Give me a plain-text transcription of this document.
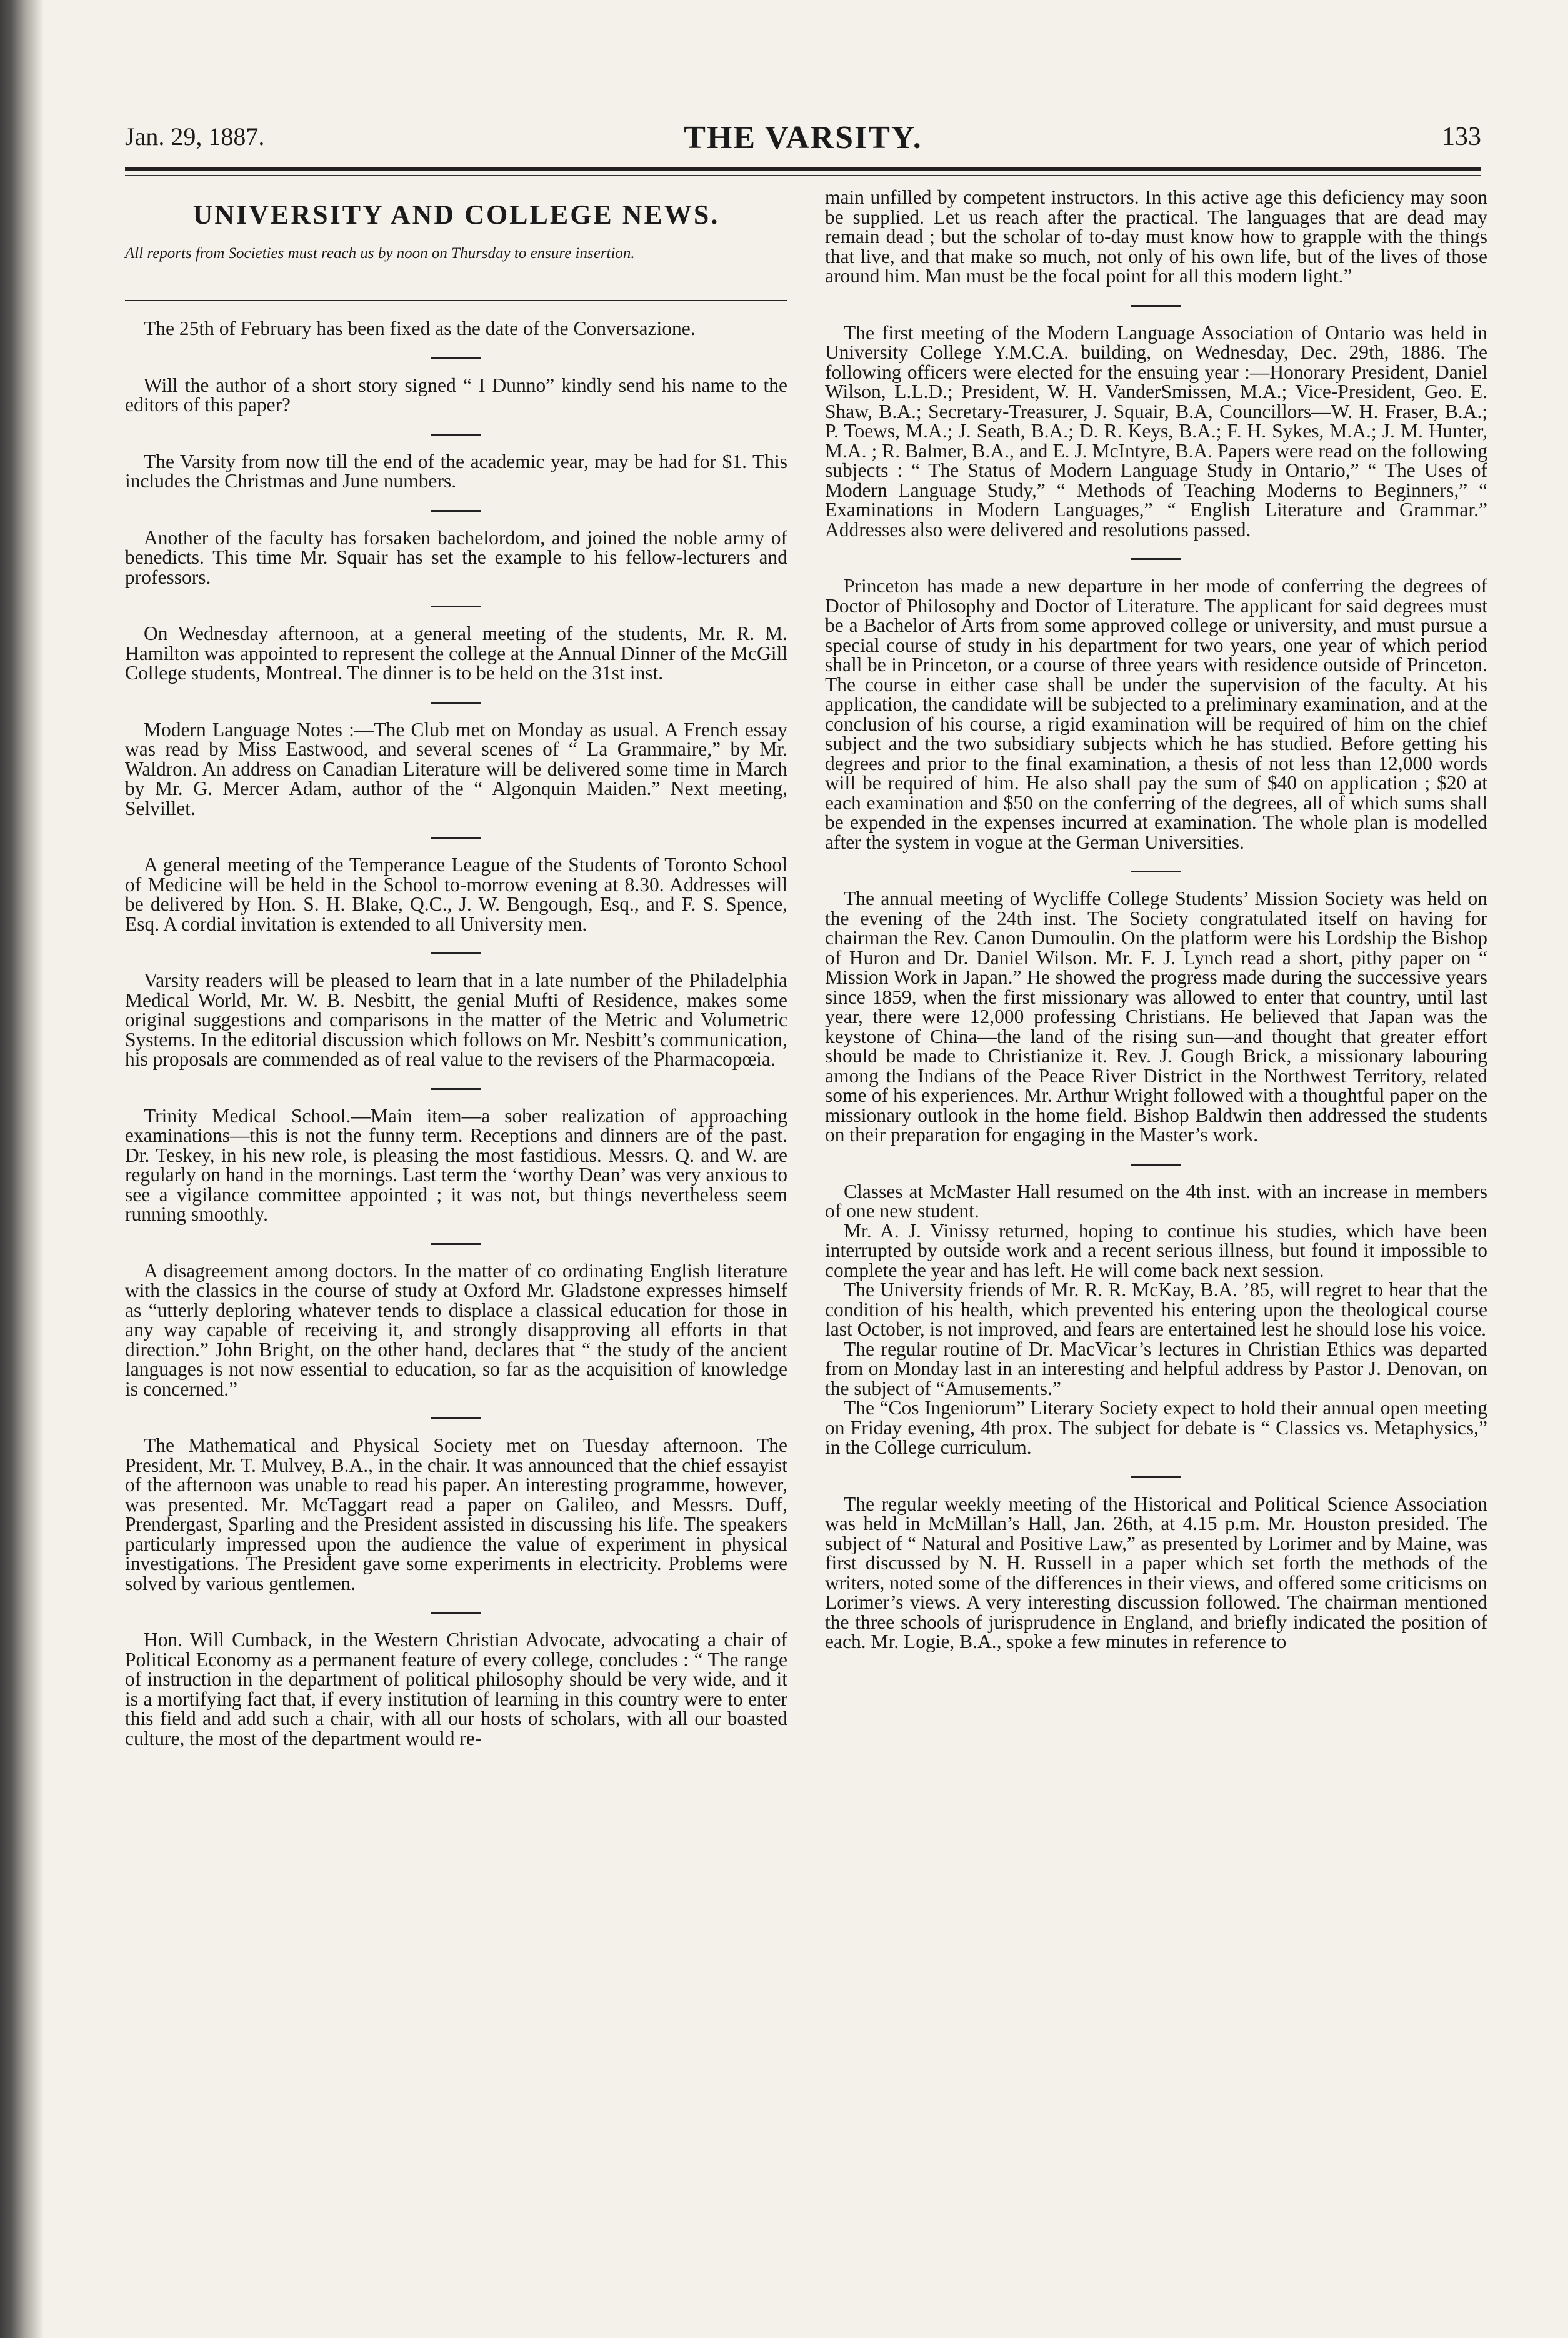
Jan. 29, 1887.	THE VARSITY.	133
UNIVERSITY AND COLLEGE NEWS.

All reports from Societies must reach us by noon on Thursday to ensure insertion.

The 25th of February has been fixed as the date of the Conversazione.

Will the author of a short story signed “ I Dunno” kindly send his name to the editors of this paper?

The Varsity from now till the end of the academic year, may be had for $1. This includes the Christmas and June numbers.

Another of the faculty has forsaken bachelordom, and joined the noble army of benedicts. This time Mr. Squair has set the example to his fellow-lecturers and professors.

On Wednesday afternoon, at a general meeting of the students, Mr. R. M. Hamilton was appointed to represent the college at the Annual Dinner of the McGill College students, Montreal. The dinner is to be held on the 31st inst.

Modern Language Notes :—The Club met on Monday as usual. A French essay was read by Miss Eastwood, and several scenes of “ La Grammaire,” by Mr. Waldron. An address on Canadian Literature will be delivered some time in March by Mr. G. Mercer Adam, author of the “ Algonquin Maiden.” Next meeting, Selvillet.

A general meeting of the Temperance League of the Students of Toronto School of Medicine will be held in the School to-morrow evening at 8.30. Addresses will be delivered by Hon. S. H. Blake, Q.C., J. W. Bengough, Esq., and F. S. Spence, Esq. A cordial invitation is extended to all University men.

Varsity readers will be pleased to learn that in a late number of the Philadelphia Medical World, Mr. W. B. Nesbitt, the genial Mufti of Residence, makes some original suggestions and comparisons in the matter of the Metric and Volumetric Systems. In the editorial discussion which follows on Mr. Nesbitt’s communication, his proposals are commended as of real value to the revisers of the Pharmacopœia.

Trinity Medical School.—Main item—a sober realization of approaching examinations—this is not the funny term. Receptions and dinners are of the past. Dr. Teskey, in his new role, is pleasing the most fastidious. Messrs. Q. and W. are regularly on hand in the mornings. Last term the ‘worthy Dean’ was very anxious to see a vigilance committee appointed ; it was not, but things nevertheless seem running smoothly.

A disagreement among doctors. In the matter of co ordinating English literature with the classics in the course of study at Oxford Mr. Gladstone expresses himself as “utterly deploring whatever tends to displace a classical education for those in any way capable of receiving it, and strongly disapproving all efforts in that direction.” John Bright, on the other hand, declares that “ the study of the ancient languages is not now essential to education, so far as the acquisition of knowledge is concerned.”

The Mathematical and Physical Society met on Tuesday afternoon. The President, Mr. T. Mulvey, B.A., in the chair. It was announced that the chief essayist of the afternoon was unable to read his paper. An interesting programme, however, was presented. Mr. McTaggart read a paper on Galileo, and Messrs. Duff, Prendergast, Sparling and the President assisted in discussing his life. The speakers particularly impressed upon the audience the value of experiment in physical investigations. The President gave some experiments in electricity. Problems were solved by various gentlemen.

Hon. Will Cumback, in the Western Christian Advocate, advocating a chair of Political Economy as a permanent feature of every college, concludes : “ The range of instruction in the department of political philosophy should be very wide, and it is a mortifying fact that, if every institution of learning in this country were to enter this field and add such a chair, with all our hosts of scholars, with all our boasted culture, the most of the department would re-

main unfilled by competent instructors. In this active age this deficiency may soon be supplied. Let us reach after the practical. The languages that are dead may remain dead ; but the scholar of to-day must know how to grapple with the things that live, and that make so much, not only of his own life, but of the lives of those around him. Man must be the focal point for all this modern light.”

The first meeting of the Modern Language Association of Ontario was held in University College Y.M.C.A. building, on Wednesday, Dec. 29th, 1886. The following officers were elected for the ensuing year :—Honorary President, Daniel Wilson, L.L.D.; President, W. H. VanderSmissen, M.A.; Vice-President, Geo. E. Shaw, B.A.; Secretary-Treasurer, J. Squair, B.A, Councillors—W. H. Fraser, B.A.; P. Toews, M.A.; J. Seath, B.A.; D. R. Keys, B.A.; F. H. Sykes, M.A.; J. M. Hunter, M.A. ; R. Balmer, B.A., and E. J. McIntyre, B.A. Papers were read on the following subjects : “ The Status of Modern Language Study in Ontario,” “ The Uses of Modern Language Study,” “ Methods of Teaching Moderns to Beginners,” “ Examinations in Modern Languages,” “ English Literature and Grammar.” Addresses also were delivered and resolutions passed.

Princeton has made a new departure in her mode of conferring the degrees of Doctor of Philosophy and Doctor of Literature. The applicant for said degrees must be a Bachelor of Arts from some approved college or university, and must pursue a special course of study in his department for two years, one year of which period shall be in Princeton, or a course of three years with residence outside of Princeton. The course in either case shall be under the supervision of the faculty. At his application, the candidate will be subjected to a preliminary examination, and at the conclusion of his course, a rigid examination will be required of him on the chief subject and the two subsidiary subjects which he has studied. Before getting his degrees and prior to the final examination, a thesis of not less than 12,000 words will be required of him. He also shall pay the sum of $40 on application ; $20 at each examination and $50 on the conferring of the degrees, all of which sums shall be expended in the expenses incurred at examination. The whole plan is modelled after the system in vogue at the German Universities.

The annual meeting of Wycliffe College Students’ Mission Society was held on the evening of the 24th inst. The Society congratulated itself on having for chairman the Rev. Canon Dumoulin. On the platform were his Lordship the Bishop of Huron and Dr. Daniel Wilson. Mr. F. J. Lynch read a short, pithy paper on “ Mission Work in Japan.” He showed the progress made during the successive years since 1859, when the first missionary was allowed to enter that country, until last year, there were 12,000 professing Christians. He believed that Japan was the keystone of China—the land of the rising sun—and thought that greater effort should be made to Christianize it. Rev. J. Gough Brick, a missionary labouring among the Indians of the Peace River District in the Northwest Territory, related some of his experiences. Mr. Arthur Wright followed with a thoughtful paper on the missionary outlook in the home field. Bishop Baldwin then addressed the students on their preparation for engaging in the Master’s work.

Classes at McMaster Hall resumed on the 4th inst. with an increase in members of one new student.

Mr. A. J. Vinissy returned, hoping to continue his studies, which have been interrupted by outside work and a recent serious illness, but found it impossible to complete the year and has left. He will come back next session.

The University friends of Mr. R. R. McKay, B.A. ’85, will regret to hear that the condition of his health, which prevented his entering upon the theological course last October, is not improved, and fears are entertained lest he should lose his voice.

The regular routine of Dr. MacVicar’s lectures in Christian Ethics was departed from on Monday last in an interesting and helpful address by Pastor J. Denovan, on the subject of “Amusements.”

The “Cos Ingeniorum” Literary Society expect to hold their annual open meeting on Friday evening, 4th prox. The subject for debate is “ Classics vs. Metaphysics,” in the College curriculum.

The regular weekly meeting of the Historical and Political Science Association was held in McMillan’s Hall, Jan. 26th, at 4.15 p.m. Mr. Houston presided. The subject of “ Natural and Positive Law,” as presented by Lorimer and by Maine, was first discussed by N. H. Russell in a paper which set forth the methods of the writers, noted some of the differences in their views, and offered some criticisms on Lorimer’s views. A very interesting discussion followed. The chairman mentioned the three schools of jurisprudence in England, and briefly indicated the position of each. Mr. Logie, B.A., spoke a few minutes in reference to
